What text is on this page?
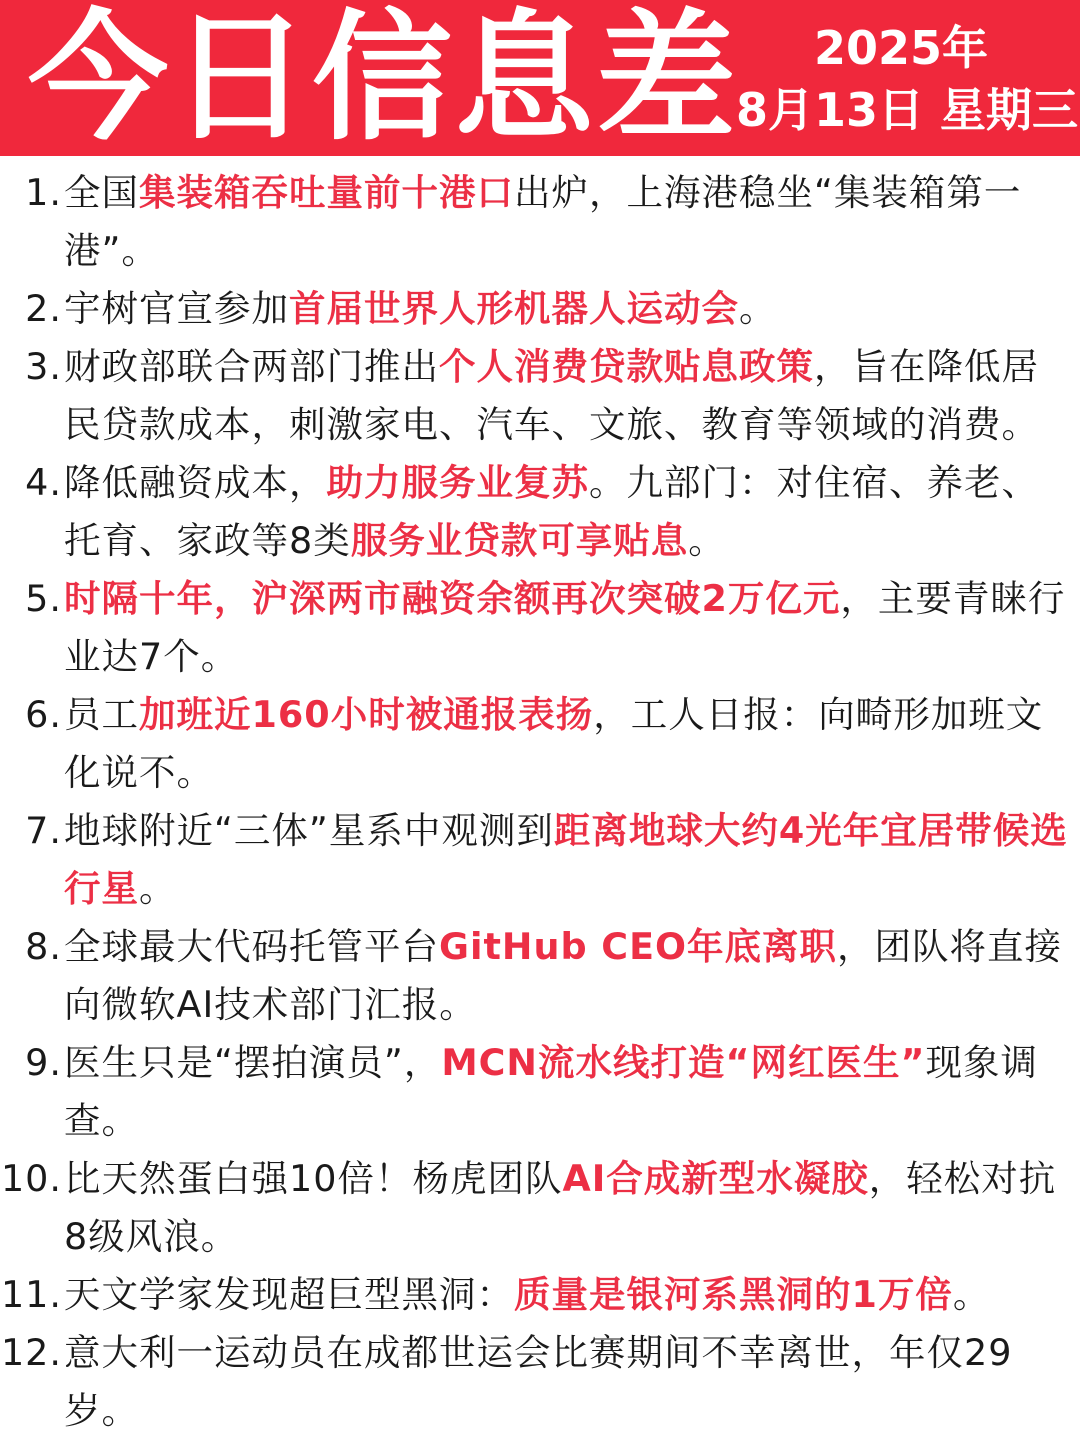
今日信息差	2025年
8月13日 星期三
1. 全国集装箱吞吐量前十港口出炉，上海港稳坐“集装箱第一港”。
2. 宇树官宣参加首届世界人形机器人运动会。
3. 财政部联合两部门推出个人消费贷款贴息政策，旨在降低居民贷款成本，刺激家电、汽车、文旅、教育等领域的消费。
4. 降低融资成本，助力服务业复苏。九部门：对住宿、养老、托育、家政等8类服务业贷款可享贴息。
5. 时隔十年，沪深两市融资余额再次突破2万亿元，主要青睐行业达7个。
6. 员工加班近160小时被通报表扬，工人日报：向畸形加班文化说不。
7. 地球附近“三体”星系中观测到距离地球大约4光年宜居带候选行星。
8. 全球最大代码托管平台GitHub CEO年底离职，团队将直接向微软AI技术部门汇报。
9. 医生只是“摆拍演员”，MCN流水线打造“网红医生”现象调查。
10. 比天然蛋白强10倍！杨虎团队AI合成新型水凝胶，轻松对抗8级风浪。
11. 天文学家发现超巨型黑洞：质量是银河系黑洞的1万倍。
12. 意大利一运动员在成都世运会比赛期间不幸离世，年仅29岁。
